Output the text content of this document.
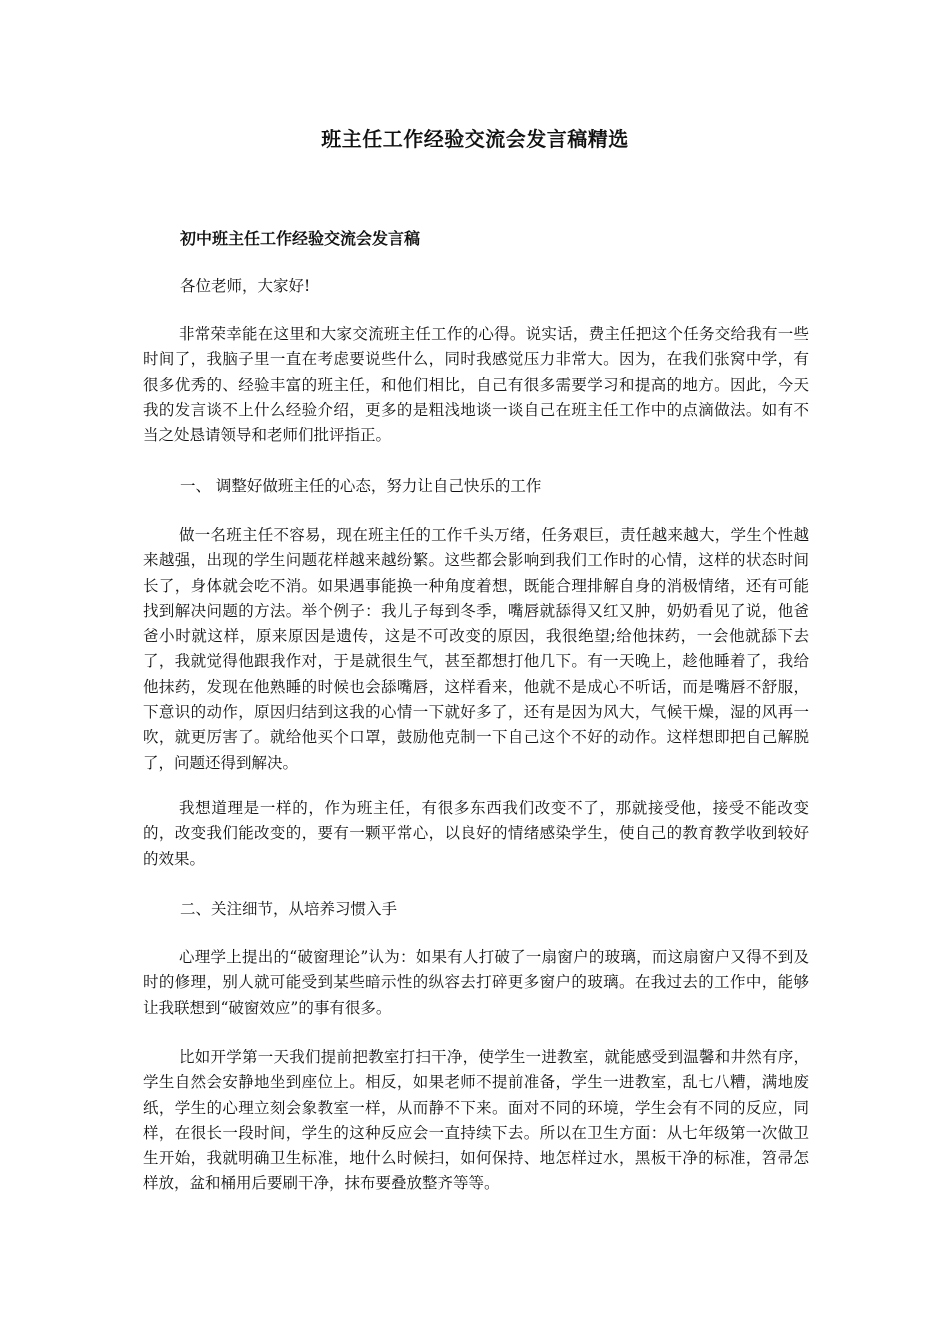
班主任工作经验交流会发言稿精选
初中班主任工作经验交流会发言稿
各位老师，大家好!

非常荣幸能在这里和大家交流班主任工作的心得。说实话，费主任把这个任务交给我有一些时间了，我脑子里一直在考虑要说些什么，同时我感觉压力非常大。因为，在我们张窝中学，有很多优秀的、经验丰富的班主任，和他们相比，自己有很多需要学习和提高的地方。因此，今天我的发言谈不上什么经验介绍，更多的是粗浅地谈一谈自己在班主任工作中的点滴做法。如有不当之处恳请领导和老师们批评指正。

一、 调整好做班主任的心态，努力让自己快乐的工作

做一名班主任不容易，现在班主任的工作千头万绪，任务艰巨，责任越来越大，学生个性越来越强，出现的学生问题花样越来越纷繁。这些都会影响到我们工作时的心情，这样的状态时间长了，身体就会吃不消。如果遇事能换一种角度着想，既能合理排解自身的消极情绪，还有可能找到解决问题的方法。举个例子：我儿子每到冬季，嘴唇就舔得又红又肿，奶奶看见了说，他爸爸小时就这样，原来原因是遗传，这是不可改变的原因，我很绝望;给他抹药，一会他就舔下去了，我就觉得他跟我作对，于是就很生气，甚至都想打他几下。有一天晚上，趁他睡着了，我给他抹药，发现在他熟睡的时候也会舔嘴唇，这样看来，他就不是成心不听话，而是嘴唇不舒服，下意识的动作，原因归结到这我的心情一下就好多了，还有是因为风大，气候干燥，湿的风再一吹，就更厉害了。就给他买个口罩，鼓励他克制一下自己这个不好的动作。这样想即把自己解脱了，问题还得到解决。

我想道理是一样的，作为班主任，有很多东西我们改变不了，那就接受他，接受不能改变的，改变我们能改变的，要有一颗平常心，以良好的情绪感染学生，使自己的教育教学收到较好的效果。

二、关注细节，从培养习惯入手

心理学上提出的“破窗理论”认为：如果有人打破了一扇窗户的玻璃，而这扇窗户又得不到及时的修理，别人就可能受到某些暗示性的纵容去打碎更多窗户的玻璃。在我过去的工作中，能够让我联想到“破窗效应”的事有很多。

比如开学第一天我们提前把教室打扫干净，使学生一进教室，就能感受到温馨和井然有序，学生自然会安静地坐到座位上。相反，如果老师不提前准备，学生一进教室，乱七八糟，满地废纸，学生的心理立刻会象教室一样，从而静不下来。面对不同的环境，学生会有不同的反应，同样，在很长一段时间，学生的这种反应会一直持续下去。所以在卫生方面：从七年级第一次做卫生开始，我就明确卫生标准，地什么时候扫，如何保持、地怎样过水，黑板干净的标准，笤帚怎样放，盆和桶用后要刷干净，抹布要叠放整齐等等。
